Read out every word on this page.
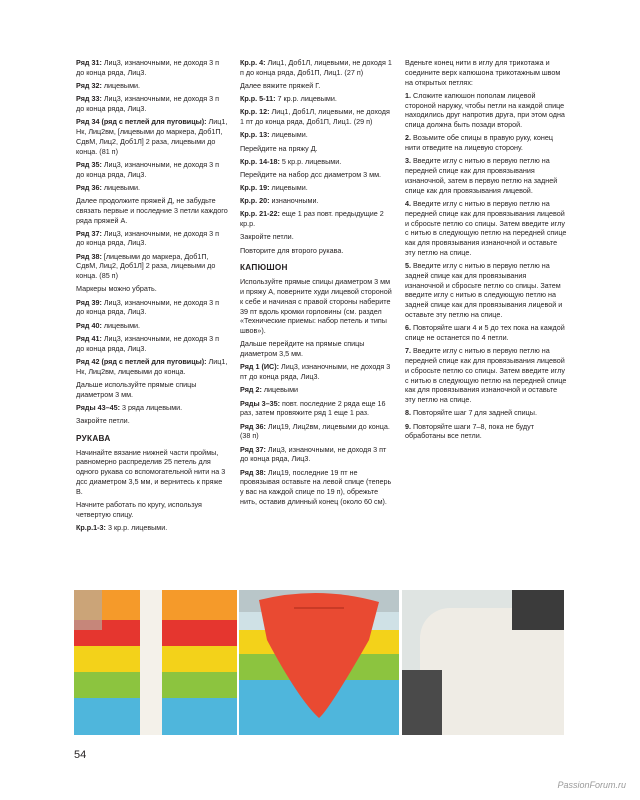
Ряд 31: Лиц3, изнаночными, не доходя 3 п до конца ряда, Лиц3.
Ряд 32: лицевыми.
Ряд 33: Лиц3, изнаночными, не доходя 3 п до конца ряда, Лиц3.
Ряд 34 (ряд с петлей для пуговицы): Лиц1, Нк, Лиц2вм, [лицевыми до маркера, Доб1П, СдвМ, Лиц2, Доб1Л] 2 раза, лицевыми до конца. (81 п)
Ряд 35: Лиц3, изнаночными, не доходя 3 п до конца ряда, Лиц3.
Ряд 36: лицевыми.
Далее продолжите пряжей Д, не забудьте связать первые и последние 3 петли каждого ряда пряжей А.
Ряд 37: Лиц3, изнаночными, не доходя 3 п до конца ряда, Лиц3.
Ряд 38: [лицевыми до маркера, Доб1П, СдвМ, Лиц2, Доб1Л] 2 раза, лицевыми до конца. (85 п)
Маркеры можно убрать.
Ряд 39: Лиц3, изнаночными, не доходя 3 п до конца ряда, Лиц3.
Ряд 40: лицевыми.
Ряд 41: Лиц3, изнаночными, не доходя 3 п до конца ряда, Лиц3.
Ряд 42 (ряд с петлей для пуговицы): Лиц1, Нк, Лиц2вм, лицевыми до конца.
Дальше используйте прямые спицы диаметром 3 мм.
Ряды 43–45: 3 ряда лицевыми.
Закройте петли.
РУКАВА
Начинайте вязание нижней части проймы, равномерно распределив 25 петель для одного рукава со вспомогательной нити на 3 дсс диаметром 3,5 мм, и вернитесь к пряже В.
Начните работать по кругу, используя четвертую спицу.
Кр.р.1-3: 3 кр.р. лицевыми.
Кр.р. 4: Лиц1, Доб1Л, лицевыми, не доходя 1 п до конца ряда, Доб1П, Лиц1. (27 п)
Далее вяжите пряжей Г.
Кр.р. 5-11: 7 кр.р. лицевыми.
Кр.р. 12: Лиц1, Доб1Л, лицевыми, не доходя 1 пт до конца ряда, Доб1П, Лиц1. (29 п)
Кр.р. 13: лицевыми.
Перейдите на пряжу Д.
Кр.р. 14-18: 5 кр.р. лицевыми.
Перейдите на набор дсс диаметром 3 мм.
Кр.р. 19: лицевыми.
Кр.р. 20: изнаночными.
Кр.р. 21-22: еще 1 раз повт. предыдущие 2 кр.р.
Закройте петли.
Повторите для второго рукава.
КАПЮШОН
Используйте прямые спицы диаметром 3 мм и пряжу А, поверните худи лицевой стороной к себе и начиная с правой стороны наберите 39 пт вдоль кромки горловины (см. раздел «Технические приемы: набор петель и типы швов»).
Дальше перейдите на прямые спицы диаметром 3,5 мм.
Ряд 1 (ИС): Лиц3, изнаночными, не доходя 3 пт до конца ряда, Лиц3.
Ряд 2: лицевыми
Ряды 3–35: повт. последние 2 ряда еще 16 раз, затем провяжите ряд 1 еще 1 раз.
Ряд 36: Лиц19, Лиц2вм, лицевыми до конца. (38 п)
Ряд 37: Лиц3, изнаночными, не доходя 3 пт до конца ряда, Лиц3.
Ряд 38: Лиц19, последние 19 пт не провязывая оставьте на левой спице (теперь у вас на каждой спице по 19 п), обрежьте нить, оставив длинный конец (около 60 см).
Вденьте конец нити в иглу для трикотажа и соедините верх капюшона трикотажным швом на открытых петлях:
1. Сложите капюшон пополам лицевой стороной наружу, чтобы петли на каждой спице находились друг напротив друга, при этом одна спица должна быть позади второй.
2. Возьмите обе спицы в правую руку, конец нити отведите на лицевую сторону.
3. Введите иглу с нитью в первую петлю на передней спице как для провязывания изнаночной, затем в первую петлю на задней спице как для провязывания лицевой.
4. Введите иглу с нитью в первую петлю на передней спице как для провязывания лицевой и сбросьте петлю со спицы. Затем введите иглу с нитью в следующую петлю на передней спице как для провязывания изнаночной и оставьте эту петлю на спице.
5. Введите иглу с нитью в первую петлю на задней спице как для провязывания изнаночной и сбросьте петлю со спицы. Затем введите иглу с нитью в следующую петлю на задней спице как для провязывания лицевой и оставьте эту петлю на спице.
6. Повторяйте шаги 4 и 5 до тех пока на каждой спице не останется по 4 петли.
7. Введите иглу с нитью в первую петлю на передней спице как для провязывания лицевой и сбросьте петлю со спицы. Затем введите иглу с нитью в следующую петлю на передней спице как для провязывания изнаночной и оставьте эту петлю на спице.
8. Повторяйте шаг 7 для задней спицы.
9. Повторяйте шаги 7–8, пока не будут обработаны все петли.
54
PassionForum.ru
